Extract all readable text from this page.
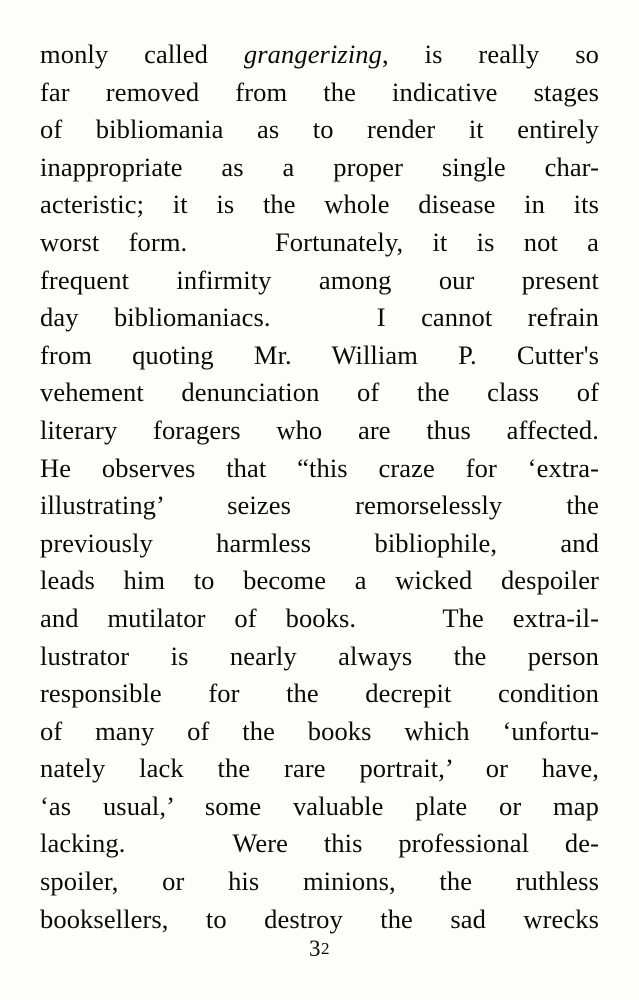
monly called grangerizing, is really so
far removed from the indicative stages
of bibliomania as to render it entirely
inappropriate as a proper single char-
acteristic; it is the whole disease in its
worst form.   Fortunately, it is not a
frequent infirmity among our present
day bibliomaniacs.   I cannot refrain
from quoting Mr. William P. Cutter's
vehement denunciation of the class of
literary foragers who are thus affected.
He observes that “this craze for ‘extra-
illustrating’ seizes remorselessly the
previously harmless bibliophile, and
leads him to become a wicked despoiler
and mutilator of books.   The extra-il-
lustrator is nearly always the person
responsible for the decrepit condition
of many of the books which ‘unfortu-
nately lack the rare portrait,’ or have,
‘as usual,’ some valuable plate or map
lacking.   Were this professional de-
spoiler, or his minions, the ruthless
booksellers, to destroy the sad wrecks
32
